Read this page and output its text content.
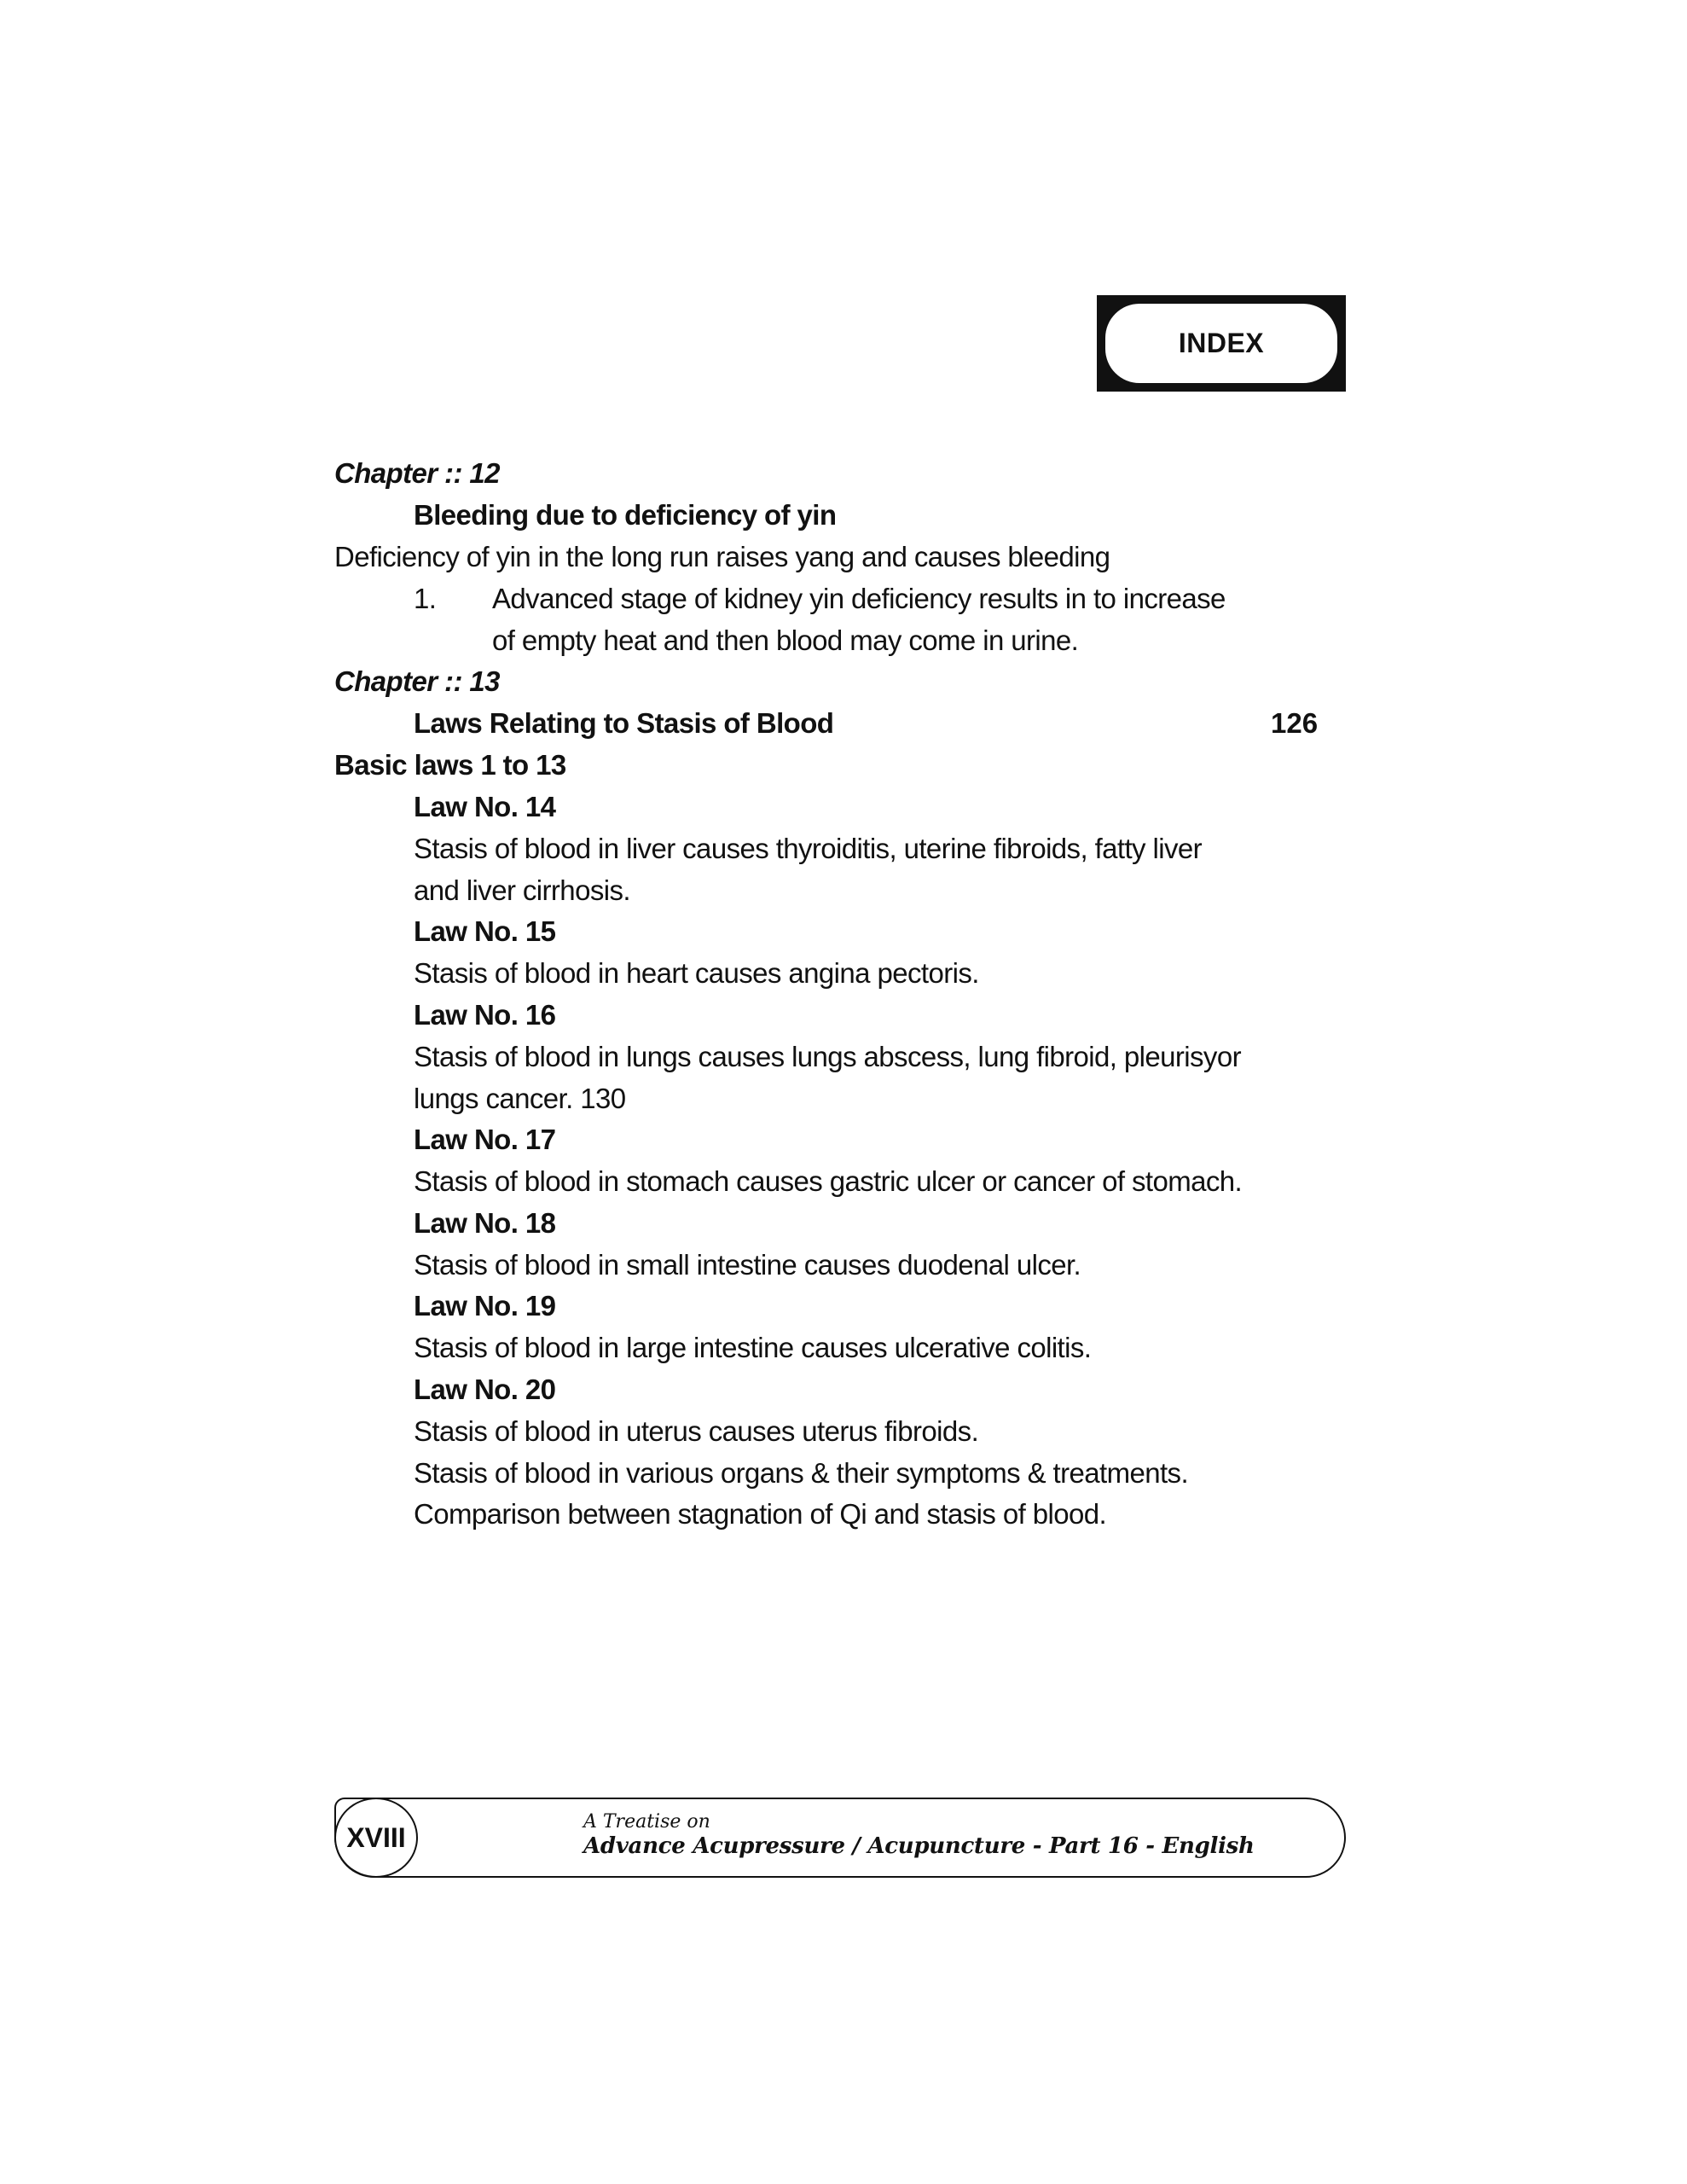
INDEX
Chapter :: 12
Bleeding due to deficiency of yin
Deficiency of yin in the long run raises yang and causes bleeding
1. Advanced stage of kidney yin deficiency results in to increase
of empty heat and then blood may come in urine.
Chapter :: 13
Laws Relating to Stasis of Blood	126
Basic laws 1 to 13
Law No. 14
Stasis of blood in liver causes thyroiditis, uterine fibroids, fatty liver
and liver cirrhosis.
Law No. 15
Stasis of blood in heart causes angina pectoris.
Law No. 16
Stasis of blood in lungs causes lungs abscess, lung fibroid, pleurisyor
lungs cancer. 130
Law No. 17
Stasis of blood in stomach causes gastric ulcer or cancer of stomach.
Law No. 18
Stasis of blood in small intestine causes duodenal ulcer.
Law No. 19
Stasis of blood in large intestine causes ulcerative colitis.
Law No. 20
Stasis of blood in uterus causes uterus fibroids.
Stasis of blood in various organs & their symptoms & treatments.
Comparison between stagnation of Qi and stasis of blood.
XVIII	A Treatise on
Advance Acupressure / Acupuncture - Part 16 - English
